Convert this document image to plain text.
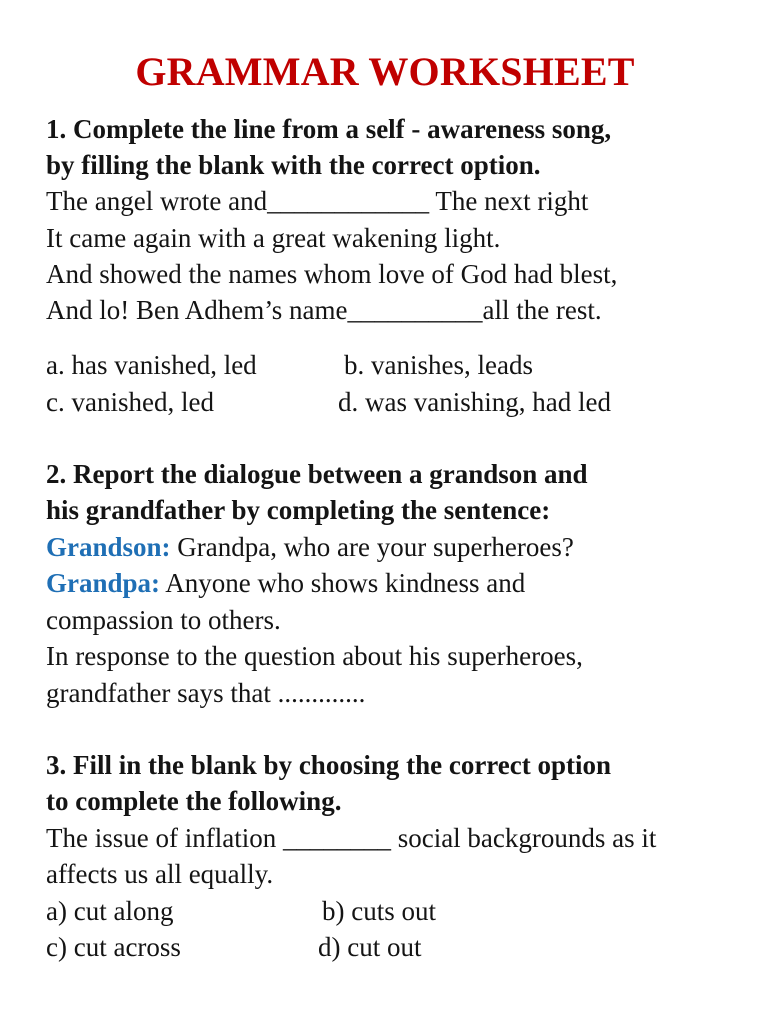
GRAMMAR WORKSHEET
1. Complete the line from a self - awareness song,
by filling the blank with the correct option.
The angel wrote and____________ The next right
It came again with a great wakening light.
And showed the names whom love of God had blest,
And lo! Ben Adhem’s name__________all the rest.
a. has vanished, led	b. vanishes, leads
c. vanished, led	d. was vanishing, had led
2. Report the dialogue between a grandson and
his grandfather by completing the sentence:
Grandson: Grandpa, who are your superheroes?
Grandpa: Anyone who shows kindness and
compassion to others.
In response to the question about his superheroes,
grandfather says that .............
3. Fill in the blank by choosing the correct option
to complete the following.
The issue of inflation ________ social backgrounds as it
affects us all equally.
a) cut along	b) cuts out
c) cut across	d) cut out
